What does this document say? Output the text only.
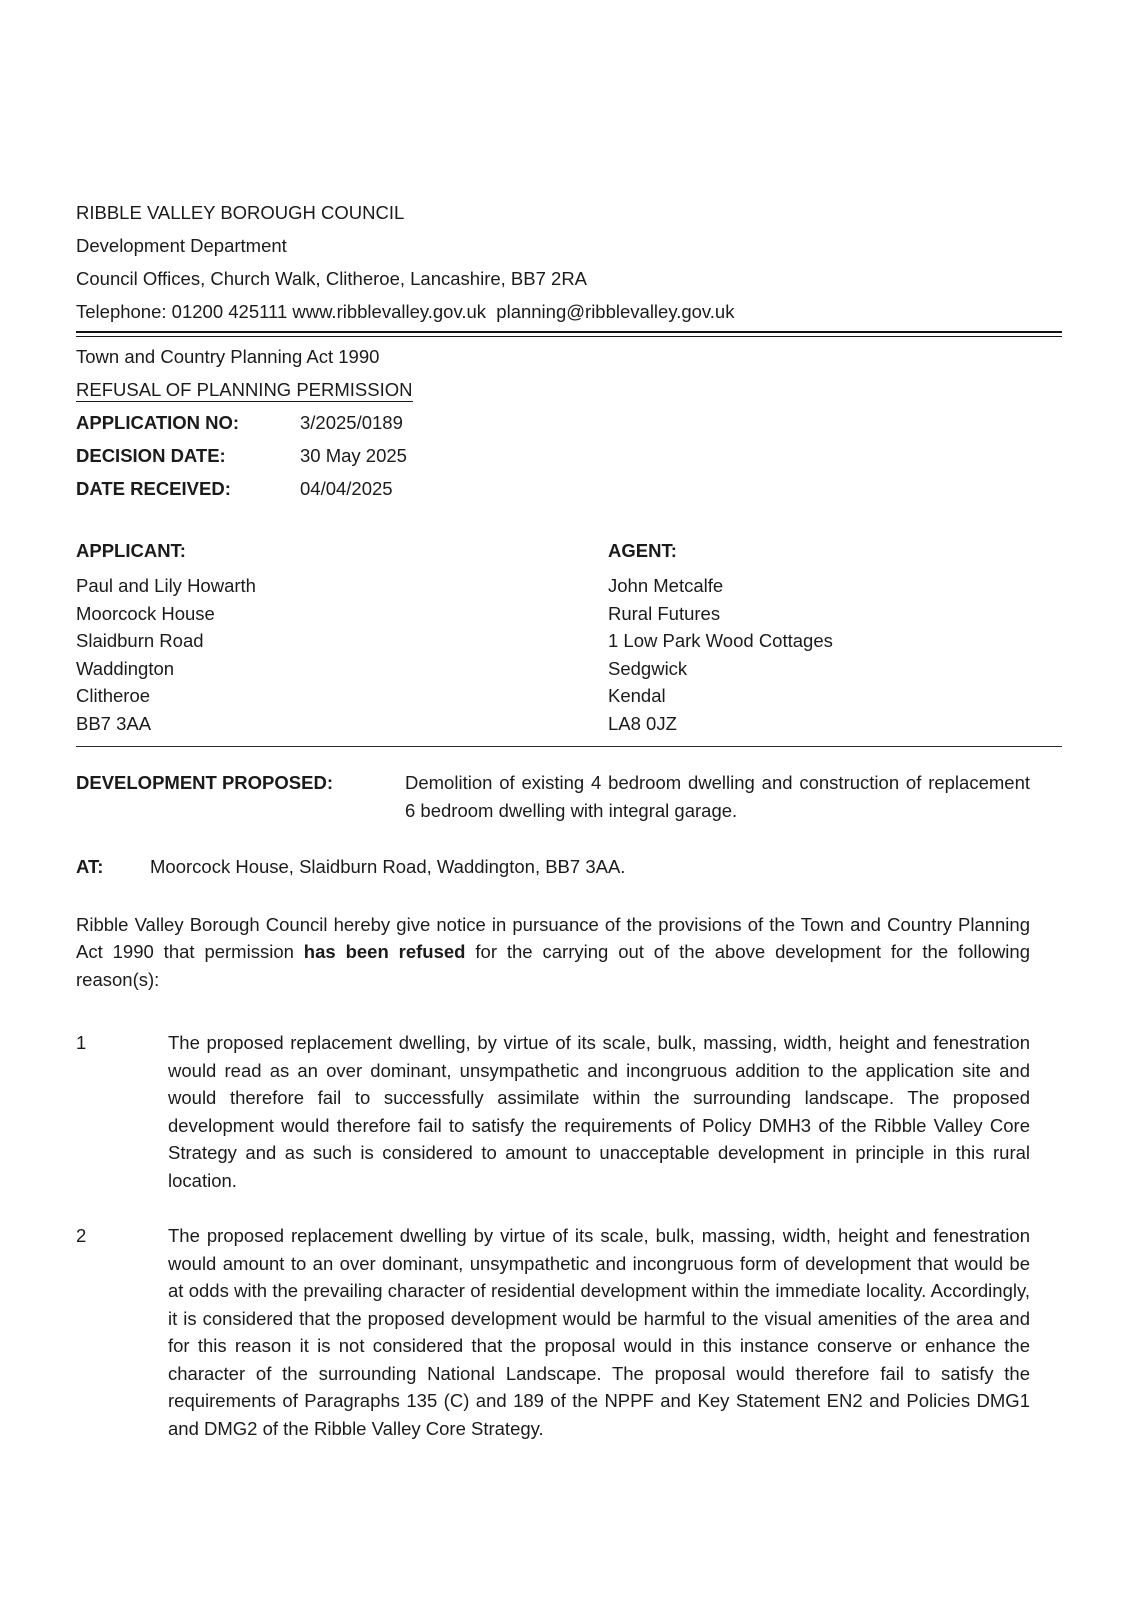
RIBBLE VALLEY BOROUGH COUNCIL
Development Department
Council Offices, Church Walk, Clitheroe, Lancashire, BB7 2RA
Telephone: 01200 425111 www.ribblevalley.gov.uk  planning@ribblevalley.gov.uk
Town and Country Planning Act 1990
REFUSAL OF PLANNING PERMISSION
APPLICATION NO:	3/2025/0189
DECISION DATE:	30 May 2025
DATE RECEIVED:	04/04/2025
APPLICANT:
Paul and Lily Howarth
Moorcock House
Slaidburn Road
Waddington
Clitheroe
BB7 3AA
AGENT:
John Metcalfe
Rural Futures
1 Low Park Wood Cottages
Sedgwick
Kendal
LA8 0JZ
DEVELOPMENT PROPOSED:	Demolition of existing 4 bedroom dwelling and construction of replacement 6 bedroom dwelling with integral garage.
AT:	Moorcock House, Slaidburn Road, Waddington, BB7 3AA.
Ribble Valley Borough Council hereby give notice in pursuance of the provisions of the Town and Country Planning Act 1990 that permission has been refused for the carrying out of the above development for the following reason(s):
1	The proposed replacement dwelling, by virtue of its scale, bulk, massing, width, height and fenestration would read as an over dominant, unsympathetic and incongruous addition to the application site and would therefore fail to successfully assimilate within the surrounding landscape. The proposed development would therefore fail to satisfy the requirements of Policy DMH3 of the Ribble Valley Core Strategy and as such is considered to amount to unacceptable development in principle in this rural location.
2	The proposed replacement dwelling by virtue of its scale, bulk, massing, width, height and fenestration would amount to an over dominant, unsympathetic and incongruous form of development that would be at odds with the prevailing character of residential development within the immediate locality. Accordingly, it is considered that the proposed development would be harmful to the visual amenities of the area and for this reason it is not considered that the proposal would in this instance conserve or enhance the character of the surrounding National Landscape. The proposal would therefore fail to satisfy the requirements of Paragraphs 135 (C) and 189 of the NPPF and Key Statement EN2 and Policies DMG1 and DMG2 of the Ribble Valley Core Strategy.
